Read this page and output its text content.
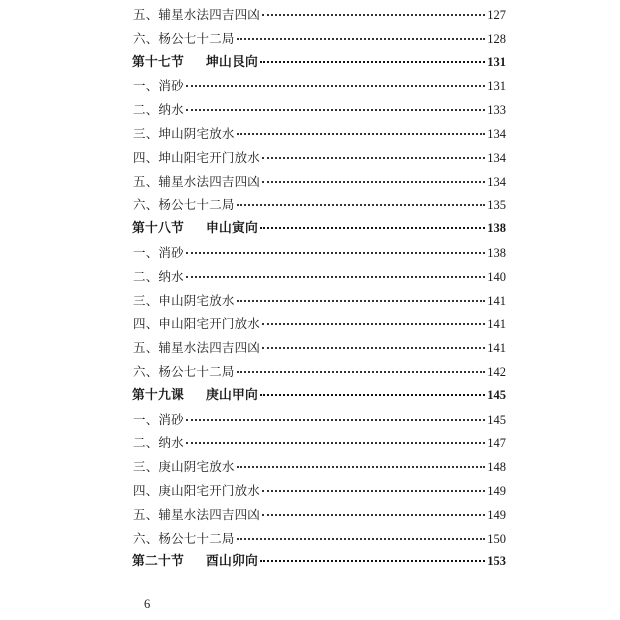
五、辅星水法四吉四凶	127
六、杨公七十二局	128
第十七节 坤山艮向	131
一、消砂	131
二、纳水	133
三、坤山阴宅放水	134
四、坤山阳宅开门放水	134
五、辅星水法四吉四凶	134
六、杨公七十二局	135
第十八节 申山寅向	138
一、消砂	138
二、纳水	140
三、申山阴宅放水	141
四、申山阳宅开门放水	141
五、辅星水法四吉四凶	141
六、杨公七十二局	142
第十九课 庚山甲向	145
一、消砂	145
二、纳水	147
三、庚山阴宅放水	148
四、庚山阳宅开门放水	149
五、辅星水法四吉四凶	149
六、杨公七十二局	150
第二十节 酉山卯向	153
6
